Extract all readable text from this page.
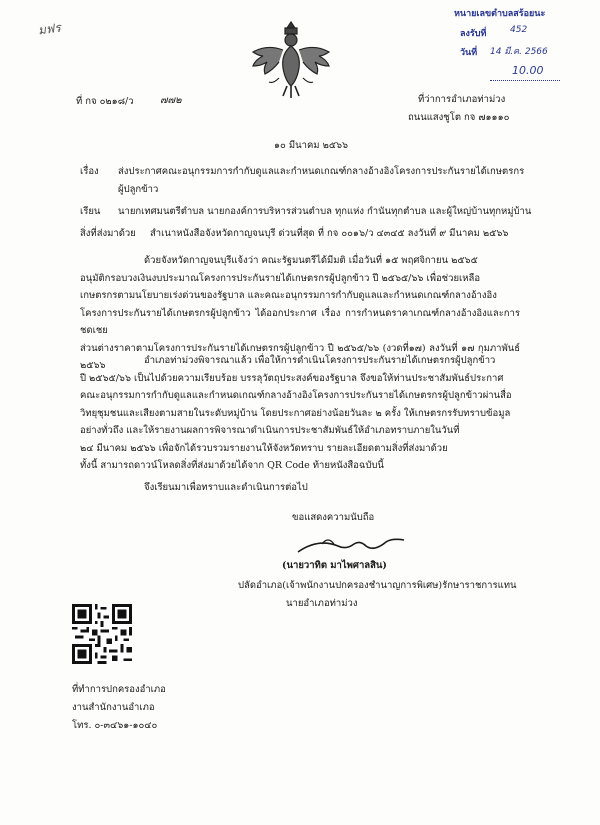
มฟร
หนายเลขตำบลสร้อยนะ
ลงรับที่	452
วันที่ 14 มี.ค. 2566
10.00
ที่ กจ ๐๒๑๘/ว	๗๗๒	ที่ว่าการอำเภอท่าม่วง
ถนนแสงชูโต กจ ๗๑๑๑๐
๑๐ มีนาคม ๒๕๖๖
เรื่อง ส่งประกาศคณะอนุกรรมการกำกับดูแลและกำหนดเกณฑ์กลางอ้างอิงโครงการประกันรายได้เกษตรกร
ผู้ปลูกข้าว
เรียน นายกเทศมนตรีตำบล นายกองค์การบริหารส่วนตำบล ทุกแห่ง กำนันทุกตำบล และผู้ใหญ่บ้านทุกหมู่บ้าน
สิ่งที่ส่งมาด้วย สำเนาหนังสือจังหวัดกาญจนบุรี ด่วนที่สุด ที่ กจ ๐๐๑๖/ว ๔๓๔๕ ลงวันที่ ๙ มีนาคม ๒๕๖๖
ด้วยจังหวัดกาญจนบุรีแจ้งว่า คณะรัฐมนตรีได้มีมติ เมื่อวันที่ ๑๕ พฤศจิกายน ๒๕๖๕
อนุมัติกรอบวงเงินงบประมาณโครงการประกันรายได้เกษตรกรผู้ปลูกข้าว ปี ๒๕๖๕/๖๖ เพื่อช่วยเหลือ
เกษตรกรตามนโยบายเร่งด่วนของรัฐบาล และคณะอนุกรรมการกำกับดูแลและกำหนดเกณฑ์กลางอ้างอิง
โครงการประกันรายได้เกษตรกรผู้ปลูกข้าว ได้ออกประกาศ เรื่อง การกำหนดราคาเกณฑ์กลางอ้างอิงและการชดเชย
ส่วนต่างราคาตามโครงการประกันรายได้เกษตรกรผู้ปลูกข้าว ปี ๒๕๖๕/๖๖ (งวดที่๑๗) ลงวันที่ ๑๗ กุมภาพันธ์ ๒๕๖๖	อำเภอท่าม่วงพิจารณาแล้ว เพื่อให้การดำเนินโครงการประกันรายได้เกษตรกรผู้ปลูกข้าว
ปี ๒๕๖๕/๖๖ เป็นไปด้วยความเรียบร้อย บรรลุวัตถุประสงค์ของรัฐบาล จึงขอให้ท่านประชาสัมพันธ์ประกาศ
คณะอนุกรรมการกำกับดูแลและกำหนดเกณฑ์กลางอ้างอิงโครงการประกันรายได้เกษตรกรผู้ปลูกข้าวผ่านสื่อ
วิทยุชุมชนและเสียงตามสายในระดับหมู่บ้าน โดยประกาศอย่างน้อยวันละ ๒ ครั้ง ให้เกษตรกรรับทราบข้อมูล
อย่างทั่วถึง และให้รายงานผลการพิจารณาดำเนินการประชาสัมพันธ์ให้อำเภอทราบภายในวันที่
๒๔ มีนาคม ๒๕๖๖ เพื่อจักได้รวบรวมรายงานให้จังหวัดทราบ รายละเอียดตามสิ่งที่ส่งมาด้วย
ทั้งนี้ สามารถดาวน์โหลดสิ่งที่ส่งมาด้วยได้จาก QR Code ท้ายหนังสือฉบับนี้
จึงเรียนมาเพื่อทราบและดำเนินการต่อไป
ขอแสดงความนับถือ
(นายวาทิต มาไพศาลสิน)
ปลัดอำเภอ(เจ้าพนักงานปกครองชำนาญการพิเศษ)รักษาราชการแทน
นายอำเภอท่าม่วง
ที่ทำการปกครองอำเภอ
งานสำนักงานอำเภอ
โทร. ๐-๓๔๖๑-๑๐๔๐
